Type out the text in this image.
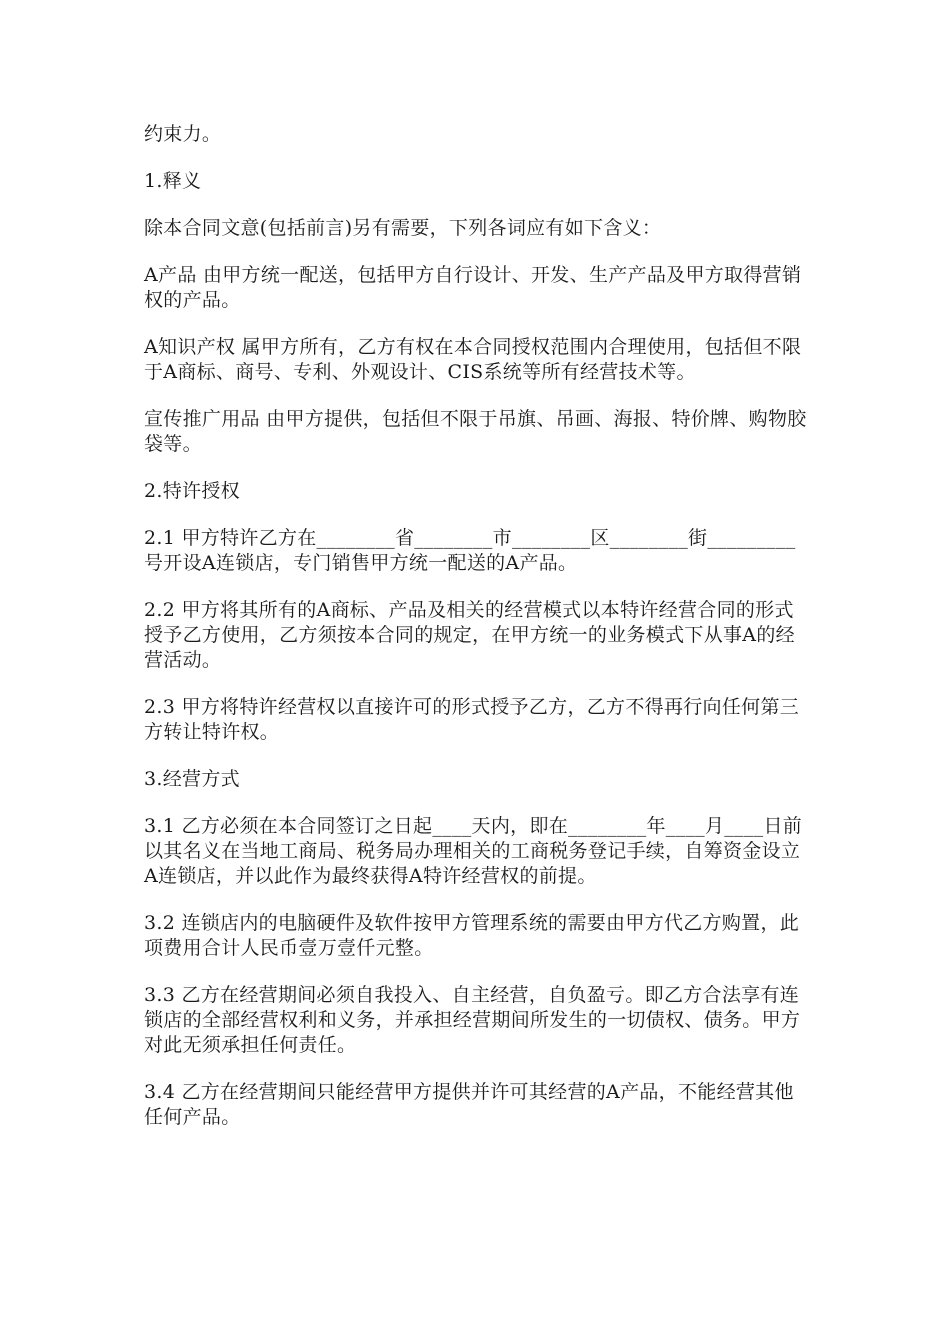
约束力。

1.释义

除本合同文意(包括前言)另有需要，下列各词应有如下含义：

A产品 由甲方统一配送，包括甲方自行设计、开发、生产产品及甲方取得营销权的产品。

A知识产权 属甲方所有，乙方有权在本合同授权范围内合理使用，包括但不限于A商标、商号、专利、外观设计、CIS系统等所有经营技术等。

宣传推广用品 由甲方提供，包括但不限于吊旗、吊画、海报、特价牌、购物胶袋等。

2.特许授权

2.1 甲方特许乙方在________省________市________区________街_________号开设A连锁店，专门销售甲方统一配送的A产品。

2.2 甲方将其所有的A商标、产品及相关的经营模式以本特许经营合同的形式授予乙方使用，乙方须按本合同的规定，在甲方统一的业务模式下从事A的经营活动。

2.3 甲方将特许经营权以直接许可的形式授予乙方，乙方不得再行向任何第三方转让特许权。

3.经营方式

3.1 乙方必须在本合同签订之日起____天内，即在________年____月____日前以其名义在当地工商局、税务局办理相关的工商税务登记手续，自筹资金设立A连锁店，并以此作为最终获得A特许经营权的前提。

3.2 连锁店内的电脑硬件及软件按甲方管理系统的需要由甲方代乙方购置，此项费用合计人民币壹万壹仟元整。

3.3 乙方在经营期间必须自我投入、自主经营，自负盈亏。即乙方合法享有连锁店的全部经营权利和义务，并承担经营期间所发生的一切债权、债务。甲方对此无须承担任何责任。

3.4 乙方在经营期间只能经营甲方提供并许可其经营的A产品，不能经营其他任何产品。
